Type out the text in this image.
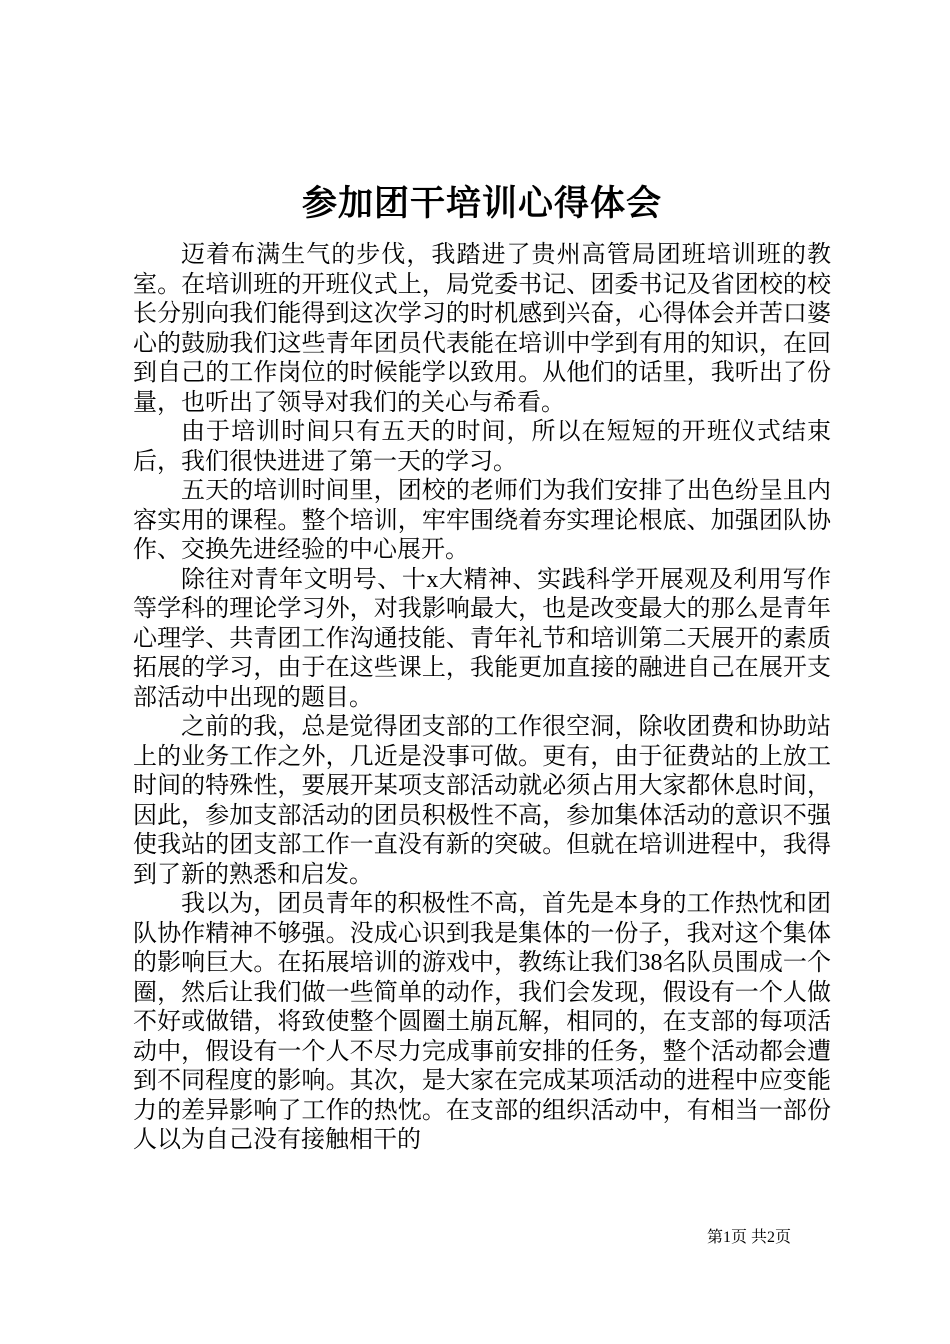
参加团干培训心得体会

迈着布满生气的步伐，我踏进了贵州高管局团班培训班的教室。在培训班的开班仪式上，局党委书记、团委书记及省团校的校长分别向我们能得到这次学习的时机感到兴奋，心得体会并苦口婆心的鼓励我们这些青年团员代表能在培训中学到有用的知识，在回到自己的工作岗位的时候能学以致用。从他们的话里，我听出了份量，也听出了领导对我们的关心与希看。

由于培训时间只有五天的时间，所以在短短的开班仪式结束后，我们很快进进了第一天的学习。

五天的培训时间里，团校的老师们为我们安排了出色纷呈且内容实用的课程。整个培训，牢牢围绕着夯实理论根底、加强团队协作、交换先进经验的中心展开。

除往对青年文明号、十x大精神、实践科学开展观及利用写作等学科的理论学习外，对我影响最大，也是改变最大的那么是青年心理学、共青团工作沟通技能、青年礼节和培训第二天展开的素质拓展的学习，由于在这些课上，我能更加直接的融进自己在展开支部活动中出现的题目。

之前的我，总是觉得团支部的工作很空洞，除收团费和协助站上的业务工作之外，几近是没事可做。更有，由于征费站的上放工时间的特殊性，要展开某项支部活动就必须占用大家都休息时间，因此，参加支部活动的团员积极性不高，参加集体活动的意识不强使我站的团支部工作一直没有新的突破。但就在培训进程中，我得到了新的熟悉和启发。

我以为，团员青年的积极性不高，首先是本身的工作热忱和团队协作精神不够强。没成心识到我是集体的一份子，我对这个集体的影响巨大。在拓展培训的游戏中，教练让我们38名队员围成一个圈，然后让我们做一些简单的动作，我们会发现，假设有一个人做不好或做错，将致使整个圆圈土崩瓦解，相同的，在支部的每项活动中，假设有一个人不尽力完成事前安排的任务，整个活动都会遭到不同程度的影响。其次，是大家在完成某项活动的进程中应变能力的差异影响了工作的热忱。在支部的组织活动中，有相当一部份人以为自己没有接触相干的

第1页 共2页
